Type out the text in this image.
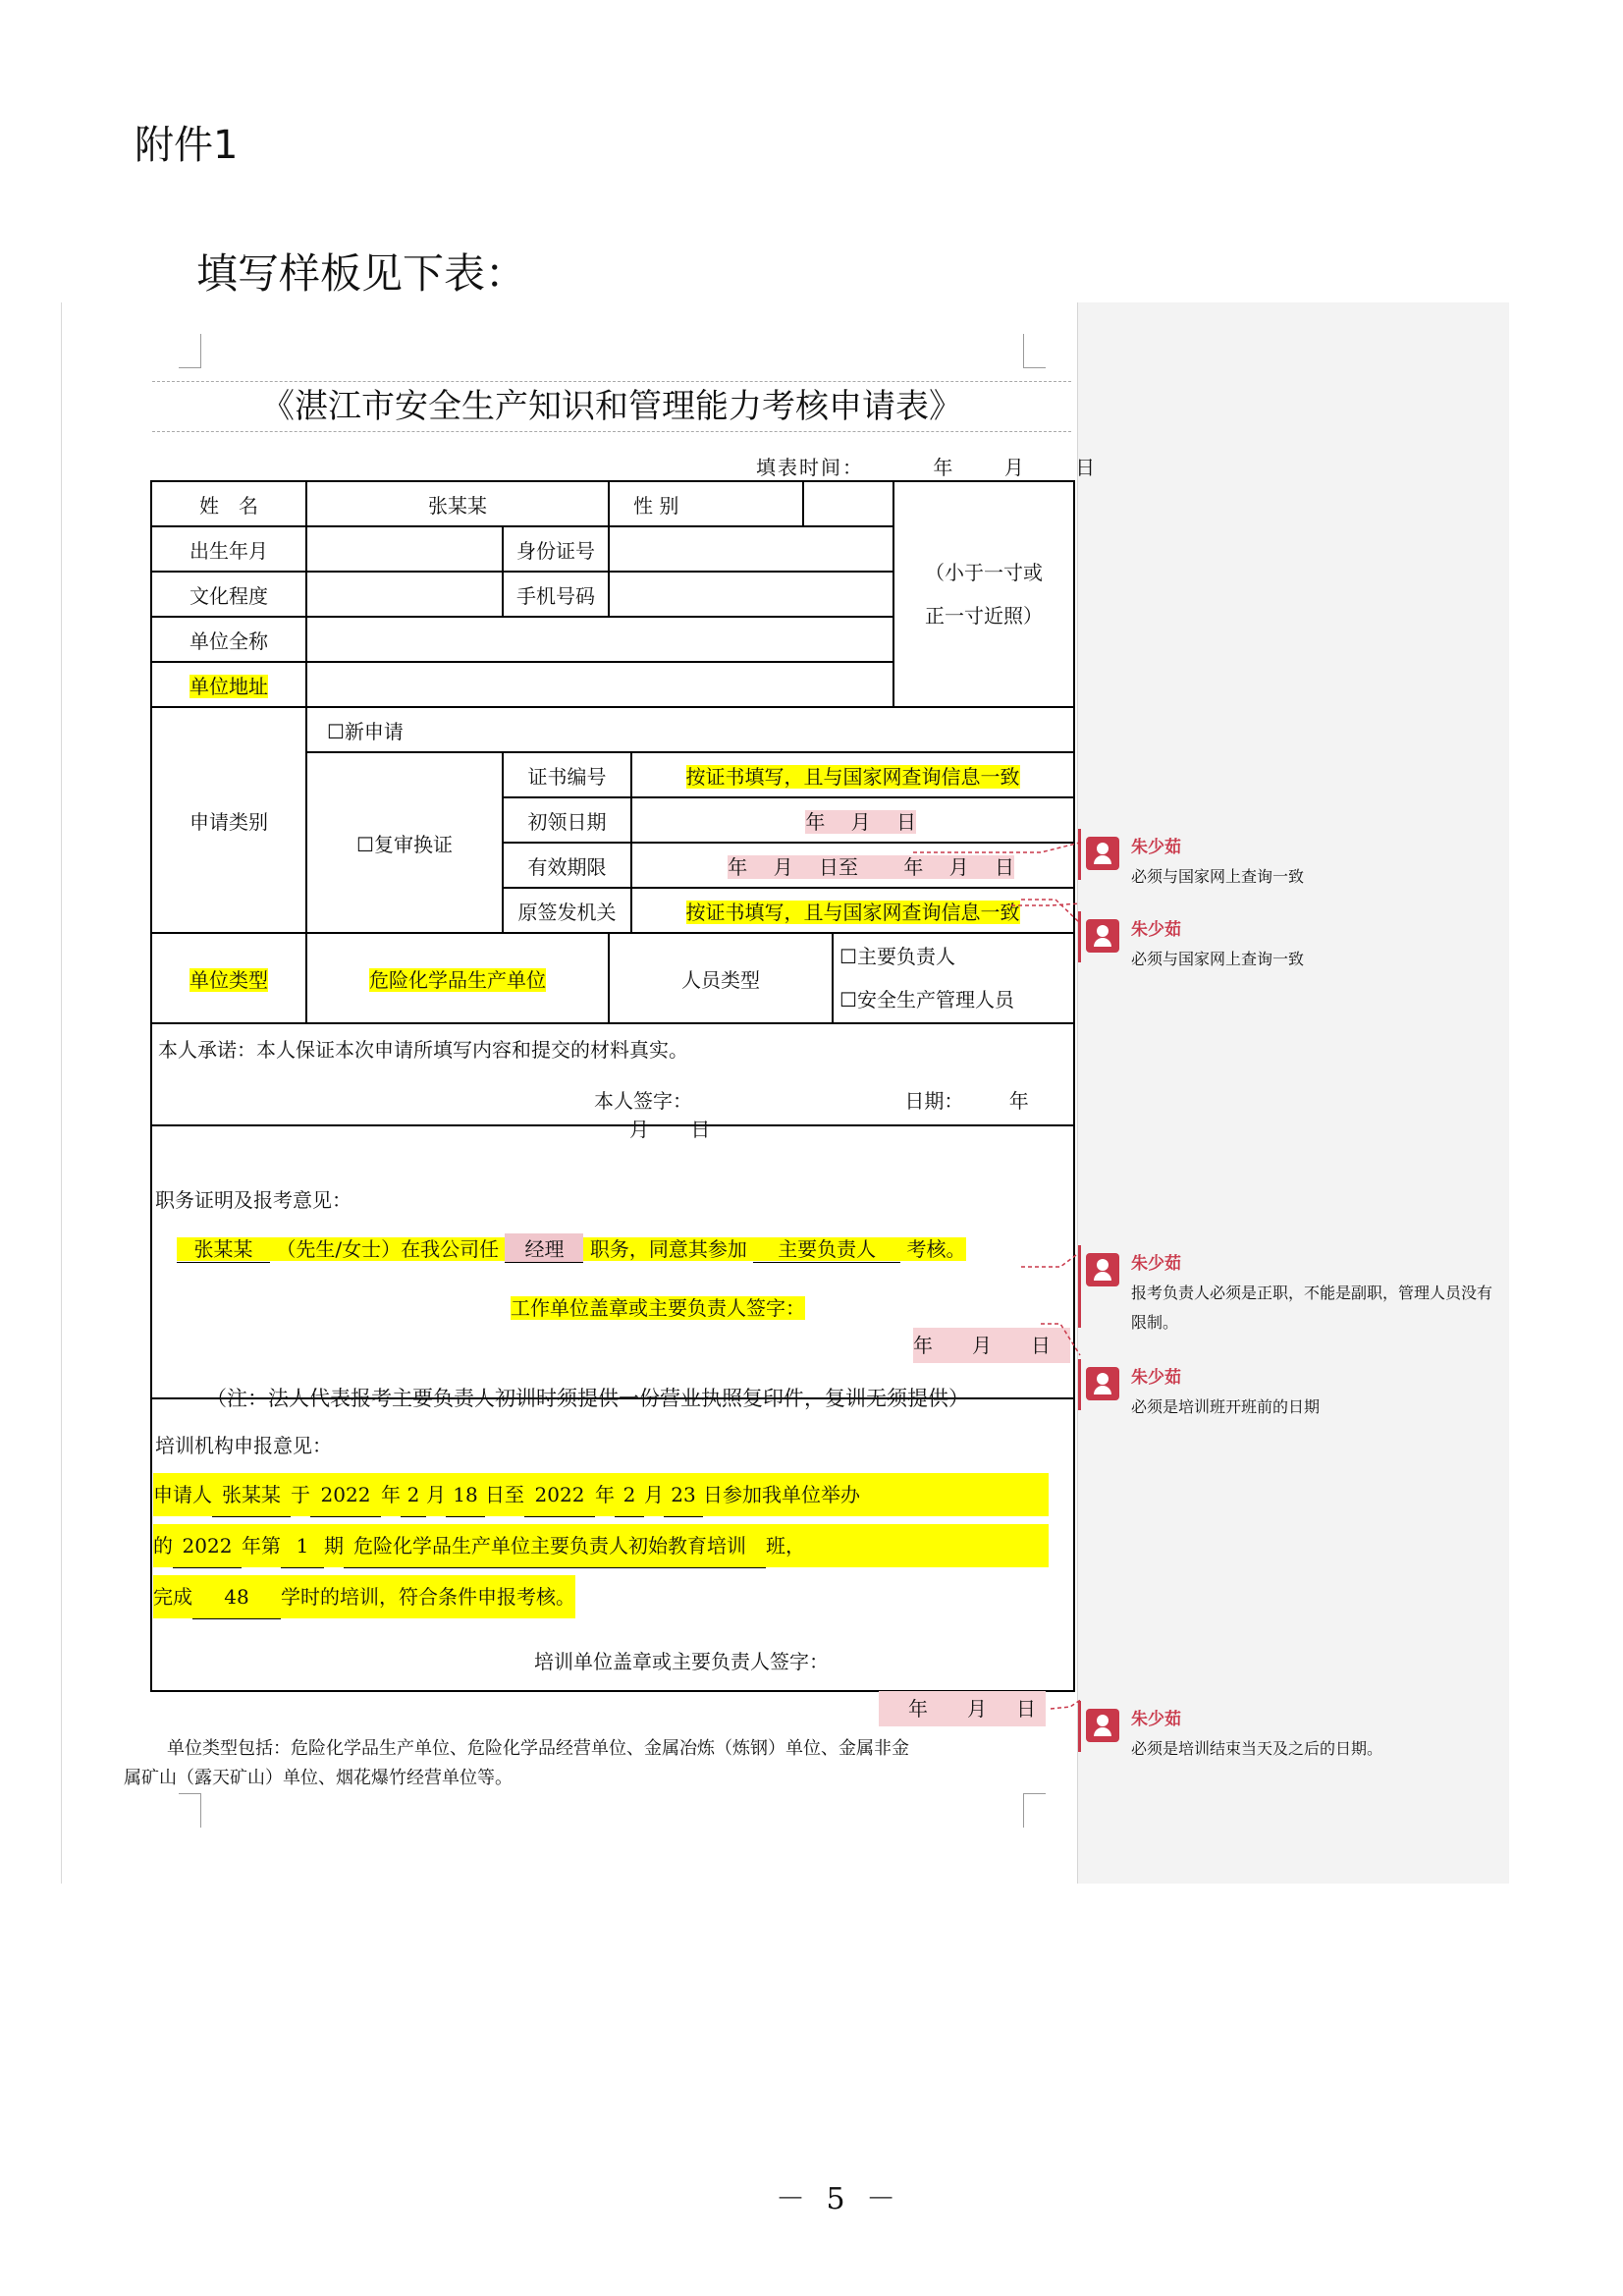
附件1
填写样板见下表：
《湛江市安全生产知识和管理能力考核申请表》
填表时间：	年	月	日
姓　名	张某某		性 别				（小于一寸或
正一寸近照）

出生年月		身份证号					
文化程度		手机号码					
单位全称							
单位地址							
申请类别	☐新申请						
	☐复审换证	证书编号		按证书填写，且与国家网查询信息一致			
		初领日期		年　 月　 日			
		有效期限		年　 月　 日至　　 年　 月　 日			
		原签发机关		按证书填写，且与国家网查询信息一致			
单位类型	危险化学品生产单位		人员类型			☐主要负责人
☐安全生产管理人员	

本人承诺：本人保证本次申请所填写内容和提交的材料真实。
本人签字： 日期： 年 月 日							

职务证明及报考意见：
张某某 （先生/女士）在我公司任 经理 职务，同意其参加 主要负责人 考核。
工作单位盖章或主要负责人签字：
年 月 日
（注：法人代表报考主要负责人初训时须提供一份营业执照复印件，复训无须提供）
培训机构申报意见：
申请人 张某某 于 2022 年 2 月 18 日至 2022 年 2 月 23 日参加我单位举办
的 2022 年第 1 期 危险化学品生产单位主要负责人初始教育培训 班，
完成 48 学时的培训，符合条件申报考核。
培训单位盖章或主要负责人签字：
年 月 日
单位类型包括：危险化学品生产单位、危险化学品经营单位、金属冶炼（炼钢）单位、金属非金
属矿山（露天矿山）单位、烟花爆竹经营单位等。
朱少茹
必须与国家网上查询一致
朱少茹
必须与国家网上查询一致
朱少茹
报考负责人必须是正职，不能是副职，管理人员没有限制。
朱少茹
必须是培训班开班前的日期
朱少茹
必须是培训结束当天及之后的日期。
－ 5 －
